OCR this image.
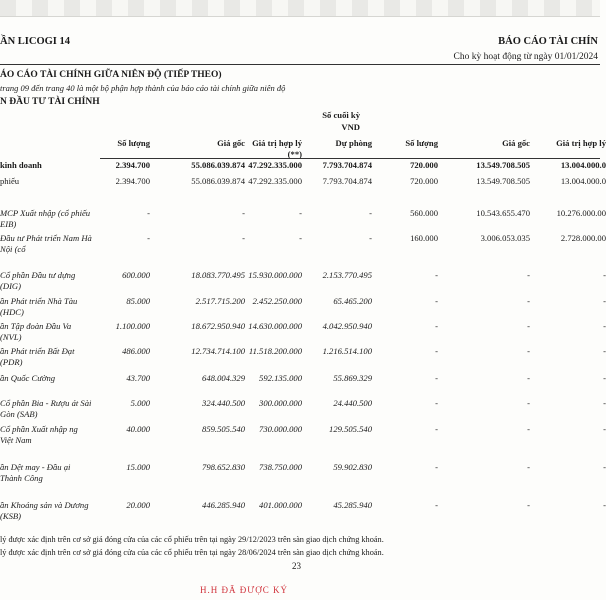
ẦN LICOGI 14	BÁO CÁO TÀI CHÍN
Cho kỳ hoạt động từ ngày 01/01/2024
ÁO CÁO TÀI CHÍNH GIỮA NIÊN ĐỘ (TIẾP THEO)
trang 09 đến trang 40 là một bộ phận hợp thành của báo cáo tài chính giữa niên độ
N ĐẦU TƯ TÀI CHÍNH
Số cuối kỳ
VND
Số lượng	Giá gốc Giá trị hợp lý	Dự phòng	Số lượng	Giá gốc	Giá trị hợp lý
(**)
kinh doanh	2.394.700	55.086.039.874 47.292.335.000	7.793.704.874	720.000	13.549.708.505	13.004.000.0
phiếu	2.394.700	55.086.039.874 47.292.335.000	7.793.704.874	720.000	13.549.708.505	13.004.000.0
MCP Xuất nhập (cổ phiếu EIB)
-	-	-	-	560.000	10.543.655.470	10.276.000.00
Đầu tư Phát triển Nam Hà Nội (cổ
-	-	-	-	160.000	3.006.053.035	2.728.000.00
Cổ phần Đầu tư dựng (DIG)
600.000	18.083.770.495 15.930.000.000	2.153.770.495	-	-	-
ần Phát triển Nhà Tàu (HDC)
85.000	2.517.715.200 2.452.250.000	65.465.200	-	-	-
ần Tập đoàn Đầu Va (NVL)
1.100.000	18.672.950.940 14.630.000.000	4.042.950.940	-	-	-
ần Phát triển Bất Đạt (PDR)
486.000	12.734.714.100 11.518.200.000	1.216.514.100	-	-	-
ần Quốc Cường	43.700	648.004.329	592.135.000	55.869.329	-	-	-
Cổ phần Bia - Rượu át Sài Gòn (SAB)
5.000	324.440.500	300.000.000	24.440.500	-	-	-
Cổ phần Xuất nhập ng Việt Nam
40.000	859.505.540	730.000.000	129.505.540	-	-	-
ần Dệt may - Đầu ại Thành Công
15.000	798.652.830	738.750.000	59.902.830	-	-	-
ần Khoáng sản và Dương (KSB)
20.000	446.285.940	401.000.000	45.285.940	-	-	-
lý được xác định trên cơ sở giá đóng cửa của các cổ phiếu trên tại ngày 29/12/2023 trên sàn giao dịch chứng khoán.
lý được xác định trên cơ sở giá đóng cửa của các cổ phiếu trên tại ngày 28/06/2024 trên sàn giao dịch chứng khoán.
23
H.H ĐÃ ĐƯỢC KÝ
